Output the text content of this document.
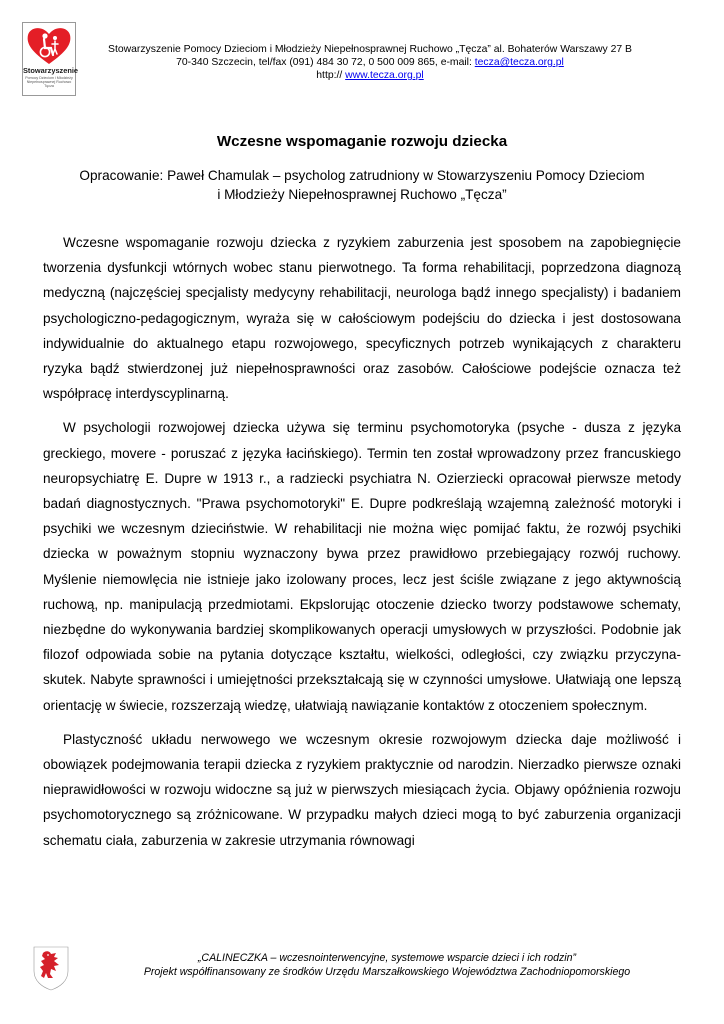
Stowarzyszenie
Pomocy Dzieciom i Młodzieży
Niepełnosprawnej Ruchowo
Tęcza
Stowarzyszenie Pomocy Dzieciom i Młodzieży Niepełnosprawnej Ruchowo „Tęcza” al. Bohaterów Warszawy 27 B
70-340 Szczecin, tel/fax (091) 484 30 72, 0 500 009 865, e-mail: tecza@tecza.org.pl
http:// www.tecza.org.pl
Wczesne wspomaganie rozwoju dziecka
Opracowanie: Paweł Chamulak – psycholog zatrudniony w Stowarzyszeniu Pomocy Dzieciom
i Młodzieży Niepełnosprawnej Ruchowo „Tęcza”

Wczesne wspomaganie rozwoju dziecka z ryzykiem zaburzenia jest sposobem na zapobiegnięcie tworzenia dysfunkcji wtórnych wobec stanu pierwotnego. Ta forma rehabilitacji, poprzedzona diagnozą medyczną (najczęściej specjalisty medycyny rehabilitacji, neurologa bądź innego specjalisty) i badaniem psychologiczno-pedagogicznym, wyraża się w całościowym podejściu do dziecka i jest dostosowana indywidualnie do aktualnego etapu rozwojowego, specyficznych potrzeb wynikających z charakteru ryzyka bądź stwierdzonej już niepełnosprawności oraz zasobów. Całościowe podejście oznacza też współpracę interdyscyplinarną.

W psychologii rozwojowej dziecka używa się terminu psychomotoryka (psyche - dusza z języka greckiego, movere - poruszać z języka łacińskiego). Termin ten został wprowadzony przez francuskiego neuropsychiatrę E. Dupre w 1913 r., a radziecki psychiatra N. Ozierziecki opracował pierwsze metody badań diagnostycznych. "Prawa psychomotoryki" E. Dupre podkreślają wzajemną zależność motoryki i psychiki we wczesnym dzieciństwie. W rehabilitacji nie można więc pomijać faktu, że rozwój psychiki dziecka w poważnym stopniu wyznaczony bywa przez prawidłowo przebiegający rozwój ruchowy. Myślenie niemowlęcia nie istnieje jako izolowany proces, lecz jest ściśle związane z jego aktywnością ruchową, np. manipulacją przedmiotami. Ekpslorując otoczenie dziecko tworzy podstawowe schematy, niezbędne do wykonywania bardziej skomplikowanych operacji umysłowych w przyszłości. Podobnie jak filozof odpowiada sobie na pytania dotyczące kształtu, wielkości, odległości, czy związku przyczyna-skutek. Nabyte sprawności i umiejętności przekształcają się w czynności umysłowe. Ułatwiają one lepszą orientację w świecie, rozszerzają wiedzę, ułatwiają nawiązanie kontaktów z otoczeniem społecznym.

Plastyczność układu nerwowego we wczesnym okresie rozwojowym dziecka daje możliwość i obowiązek podejmowania terapii dziecka z ryzykiem praktycznie od narodzin. Nierzadko pierwsze oznaki nieprawidłowości w rozwoju widoczne są już w pierwszych miesiącach życia. Objawy opóźnienia rozwoju psychomotorycznego są zróżnicowane. W przypadku małych dzieci mogą to być zaburzenia organizacji schematu ciała, zaburzenia w zakresie utrzymania równowagi

„CALINECZKA – wczesnointerwencyjne, systemowe wsparcie dzieci i ich rodzin”
Projekt współfinansowany ze środków Urzędu Marszałkowskiego Województwa Zachodniopomorskiego
